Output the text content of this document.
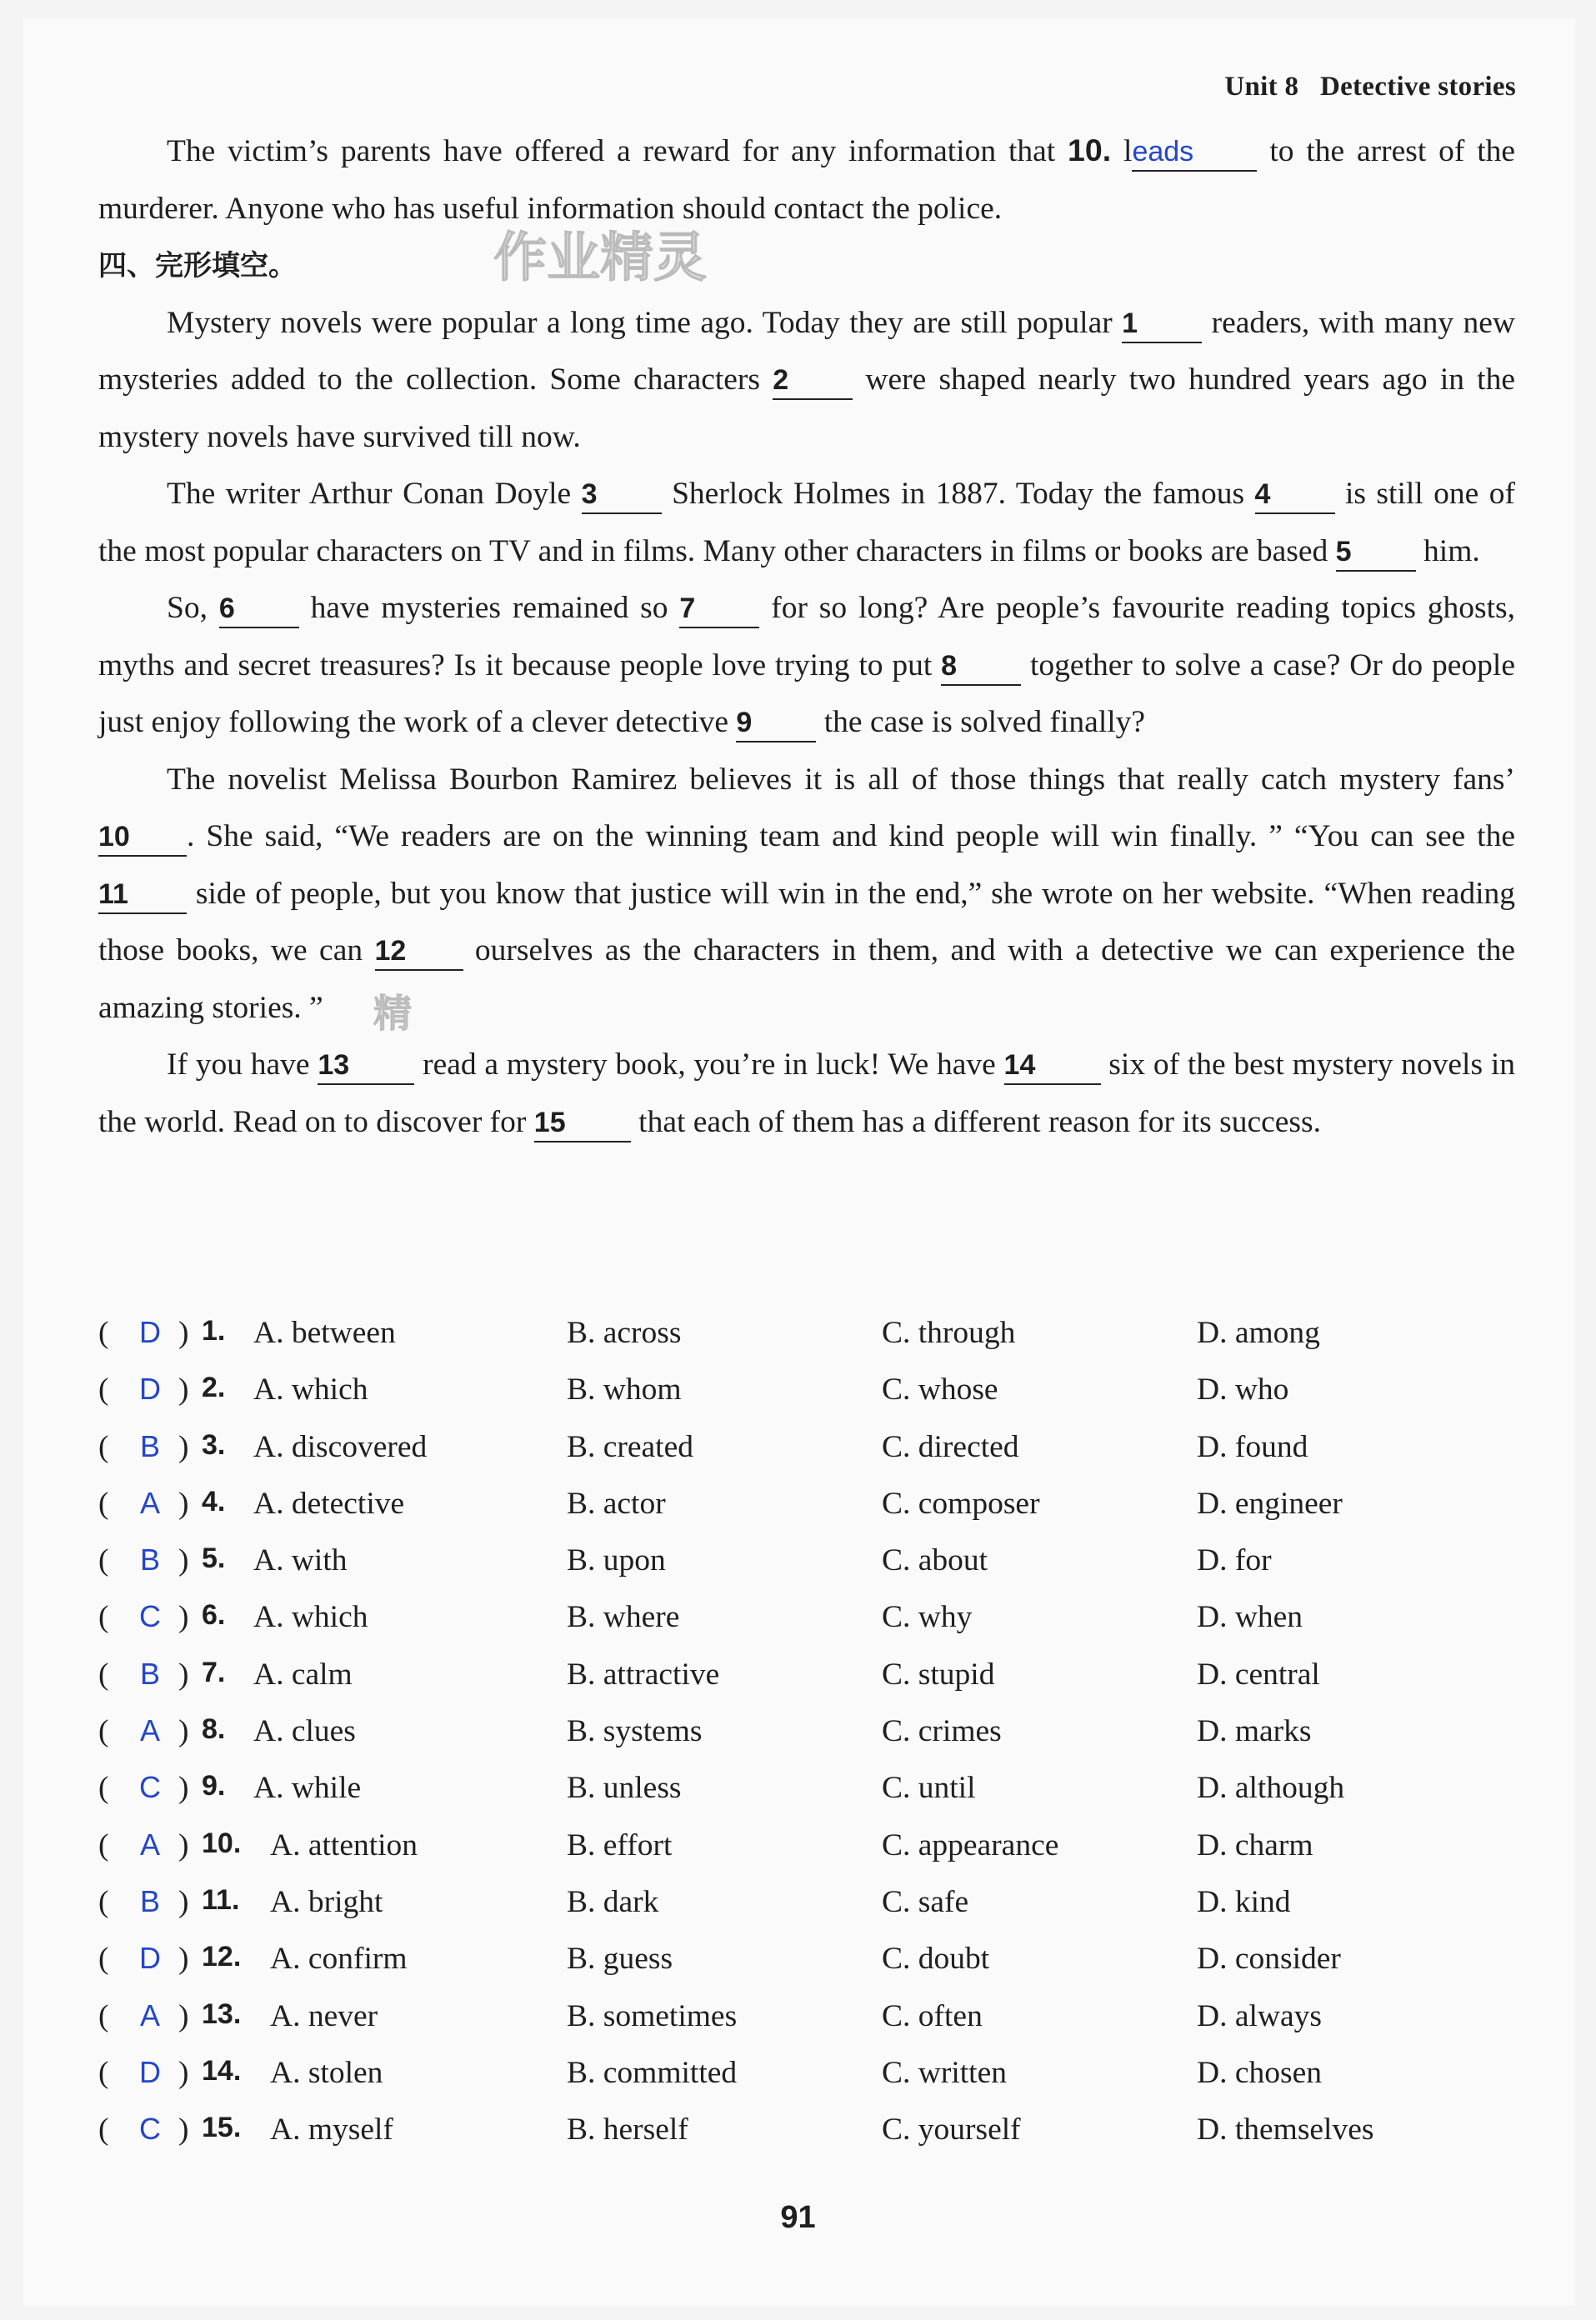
Unit 8 Detective stories
作业精灵

The victim’s parents have offered a reward for any information that 10. leads to the arrest of the murderer. Anyone who has useful information should contact the police.

四、完形填空。

Mystery novels were popular a long time ago. Today they are still popular 1 readers, with many new mysteries added to the collection. Some characters 2 were shaped nearly two hundred years ago in the mystery novels have survived till now.

The writer Arthur Conan Doyle 3 Sherlock Holmes in 1887. Today the famous 4 is still one of the most popular characters on TV and in films. Many other characters in films or books are based 5 him.

So, 6 have mysteries remained so 7 for so long? Are people’s favourite reading topics ghosts, myths and secret treasures? Is it because people love trying to put 8 together to solve a case? Or do people just enjoy following the work of a clever detective 9 the case is solved finally?

The novelist Melissa Bourbon Ramirez believes it is all of those things that really catch mystery fans’ 10 . She said, “We readers are on the winning team and kind people will win finally. ” “You can see the 11 side of people, but you know that justice will win in the end,” she wrote on her website. “When reading those books, we can 12 ourselves as the characters in them, and with a detective we can experience the amazing stories. ”

If you have 13 read a mystery book, you’re in luck! We have 14 six of the best mystery novels in the world. Read on to discover for 15 that each of them has a different reason for its success.

精
( D ) 1. A. between	B. across	C. through	D. among
( D ) 2. A. which	B. whom	C. whose	D. who
( B ) 3. A. discovered	B. created	C. directed	D. found
( A ) 4. A. detective	B. actor	C. composer	D. engineer
( B ) 5. A. with	B. upon	C. about	D. for
( C ) 6. A. which	B. where	C. why	D. when
( B ) 7. A. calm	B. attractive	C. stupid	D. central
( A ) 8. A. clues	B. systems	C. crimes	D. marks
( C ) 9. A. while	B. unless	C. until	D. although
( A ) 10. A. attention	B. effort	C. appearance	D. charm
( B ) 11. A. bright	B. dark	C. safe	D. kind
( D ) 12. A. confirm	B. guess	C. doubt	D. consider
( A ) 13. A. never	B. sometimes	C. often	D. always
( D ) 14. A. stolen	B. committed	C. written	D. chosen
( C ) 15. A. myself	B. herself	C. yourself	D. themselves
91
